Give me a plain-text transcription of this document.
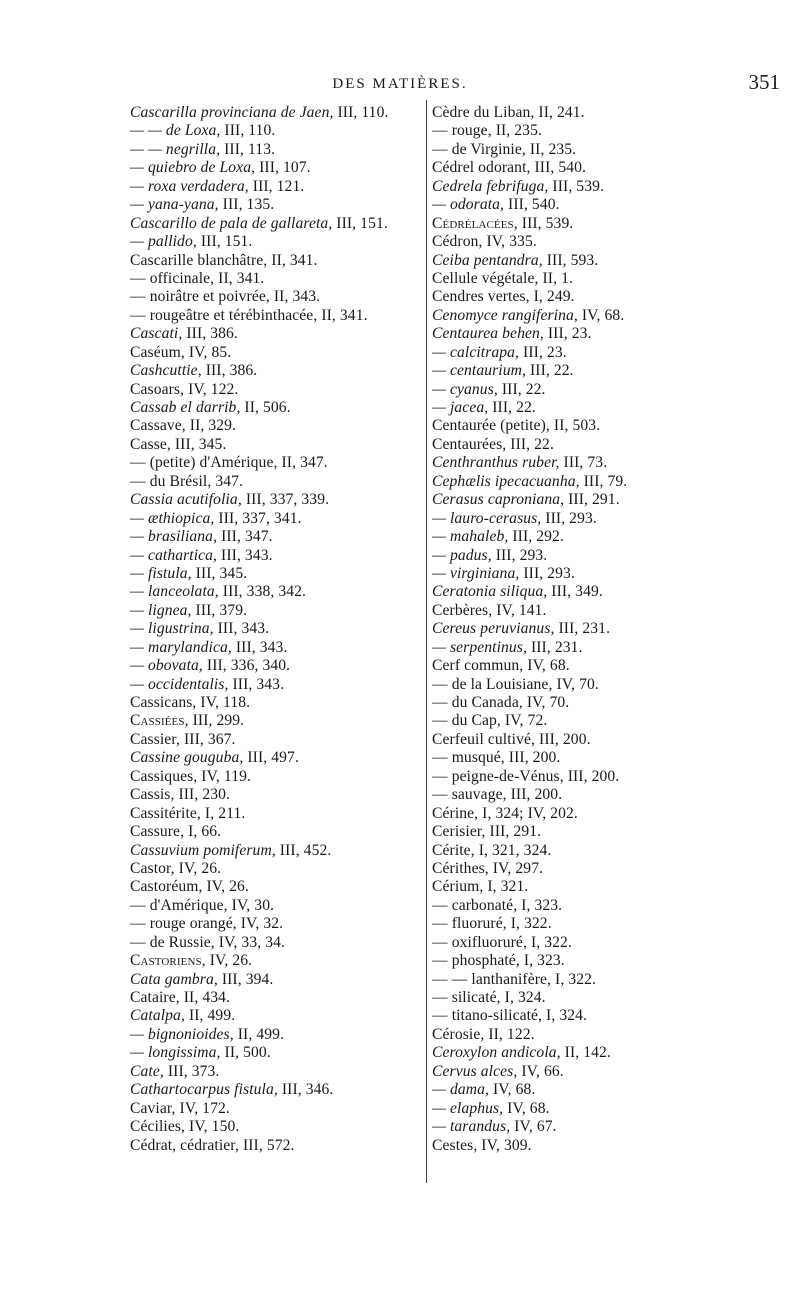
DES MATIÈRES.	351
Cascarilla provinciana de Jaen, III, 110.
— — de Loxa, III, 110.
— — negrilla, III, 113.
— quiebro de Loxa, III, 107.
— roxa verdadera, III, 121.
— yana-yana, III, 135.
Cascarillo de pala de gallareta, III, 151.
— pallido, III, 151.
Cascarille blanchâtre, II, 341.
— officinale, II, 341.
— noirâtre et poivrée, II, 343.
— rougeâtre et térébinthacée, II, 341.
Cascati, III, 386.
Caséum, IV, 85.
Cashcuttie, III, 386.
Casoars, IV, 122.
Cassab el darrib, II, 506.
Cassave, II, 329.
Casse, III, 345.
— (petite) d'Amérique, II, 347.
— du Brésil, 347.
Cassia acutifolia, III, 337, 339.
— æthiopica, III, 337, 341.
— brasiliana, III, 347.
— cathartica, III, 343.
— fistula, III, 345.
— lanceolata, III, 338, 342.
— lignea, III, 379.
— ligustrina, III, 343.
— marylandica, III, 343.
— obovata, III, 336, 340.
— occidentalis, III, 343.
Cassicans, IV, 118.
Cassiées, III, 299.
Cassier, III, 367.
Cassine gouguba, III, 497.
Cassiques, IV, 119.
Cassis, III, 230.
Cassitérite, I, 211.
Cassure, I, 66.
Cassuvium pomiferum, III, 452.
Castor, IV, 26.
Castoréum, IV, 26.
— d'Amérique, IV, 30.
— rouge orangé, IV, 32.
— de Russie, IV, 33, 34.
Castoriens, IV, 26.
Cata gambra, III, 394.
Cataire, II, 434.
Catalpa, II, 499.
— bignonioides, II, 499.
— longissima, II, 500.
Cate, III, 373.
Cathartocarpus fistula, III, 346.
Caviar, IV, 172.
Cécilies, IV, 150.
Cédrat, cédratier, III, 572.
Cèdre du Liban, II, 241.
— rouge, II, 235.
— de Virginie, II, 235.
Cédrel odorant, III, 540.
Cedrela febrifuga, III, 539.
— odorata, III, 540.
Cédrélacées, III, 539.
Cédron, IV, 335.
Ceiba pentandra, III, 593.
Cellule végétale, II, 1.
Cendres vertes, I, 249.
Cenomyce rangiferina, IV, 68.
Centaurea behen, III, 23.
— calcitrapa, III, 23.
— centaurium, III, 22.
— cyanus, III, 22.
— jacea, III, 22.
Centaurée (petite), II, 503.
Centaurées, III, 22.
Centhranthus ruber, III, 73.
Cephælis ipecacuanha, III, 79.
Cerasus caproniana, III, 291.
— lauro-cerasus, III, 293.
— mahaleb, III, 292.
— padus, III, 293.
— virginiana, III, 293.
Ceratonia siliqua, III, 349.
Cerbères, IV, 141.
Cereus peruvianus, III, 231.
— serpentinus, III, 231.
Cerf commun, IV, 68.
— de la Louisiane, IV, 70.
— du Canada, IV, 70.
— du Cap, IV, 72.
Cerfeuil cultivé, III, 200.
— musqué, III, 200.
— peigne-de-Vénus, III, 200.
— sauvage, III, 200.
Cérine, I, 324; IV, 202.
Cerisier, III, 291.
Cérite, I, 321, 324.
Cérithes, IV, 297.
Cérium, I, 321.
— carbonaté, I, 323.
— fluoruré, I, 322.
— oxifluoruré, I, 322.
— phosphaté, I, 323.
— — lanthanifère, I, 322.
— silicaté, I, 324.
— titano-silicaté, I, 324.
Cérosie, II, 122.
Ceroxylon andicola, II, 142.
Cervus alces, IV, 66.
— dama, IV, 68.
— elaphus, IV, 68.
— tarandus, IV, 67.
Cestes, IV, 309.
